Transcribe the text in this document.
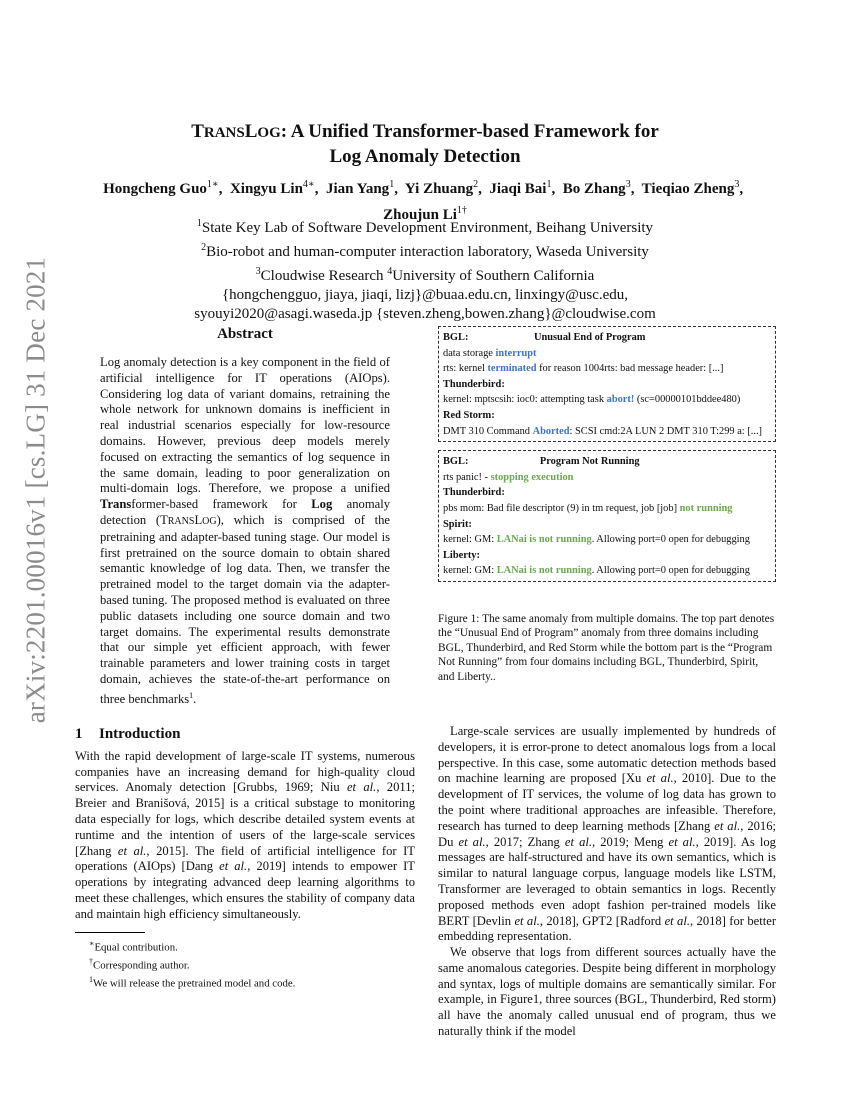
arXiv:2201.00016v1 [cs.LG] 31 Dec 2021
TRANSLOG: A Unified Transformer-based Framework for
Log Anomaly Detection
Hongcheng Guo$^{1∗}$,  Xingyu Lin$^{4∗}$,  Jian Yang$^1$,  Yi Zhuang$^2$,  Jiaqi Bai$^1$,  Bo Zhang$^3$,  Tieqiao Zheng$^3$,  Zhoujun $Li^{1\dagger}$
$^1$State Key Lab of Software Development Environment, Beihang University
$^2$Bio-robot and human-computer interaction laboratory, Waseda University
$^3$Cloudwise Research $^4$University of Southern California
{hongchengguo, jiaya, jiaqi, lizj}@buaa.edu.cn, linxingy@usc.edu,
syouyi2020@asagi.waseda.jp {steven.zheng,bowen.zhang}@cloudwise.com
Abstract

Log anomaly detection is a key component in the field of artificial intelligence for IT operations (AIOps). Considering log data of variant domains, retraining the whole network for unknown domains is inefficient in real industrial scenarios especially for low-resource domains. However, previous deep models merely focused on extracting the semantics of log sequence in the same domain, leading to poor generalization on multi-domain logs. Therefore, we propose a unified Transformer-based framework for Log anomaly detection (TRANSLOG), which is comprised of the pretraining and adapter-based tuning stage. Our model is first pretrained on the source domain to obtain shared semantic knowledge of log data. Then, we transfer the pretrained model to the target domain via the adapter-based tuning. The proposed method is evaluated on three public datasets including one source domain and two target domains. The experimental results demonstrate that our simple yet efficient approach, with fewer trainable parameters and lower training costs in target domain, achieves the state-of-the-art performance on three benchmarks$^1$.

1 Introduction

With the rapid development of large-scale IT systems, numerous companies have an increasing demand for high-quality cloud services. Anomaly detection [Grubbs, 1969; Niu et al., 2011; Breier and Branišová, 2015] is a critical substage to monitoring data especially for logs, which describe detailed system events at runtime and the intention of users of the large-scale services [Zhang et al., 2015]. The field of artificial intelligence for IT operations (AIOps) [Dang et al., 2019] intends to empower IT operations by integrating advanced deep learning algorithms to meet these challenges, which ensures the stability of company data and maintain high efficiency simultaneously.

∗Equal contribution.
†Corresponding author.
$^1$We will release the pretrained model and code.
BGL:	Unusual End of Program
data storage interrupt
rts: kernel terminated for reason 1004rts: bad message header: [...]
Thunderbird:
kernel: mptscsih: ioc0: attempting task abort! (sc=00000101bddee480)
Red Storm:
DMT 310 Command Aborted: SCSI cmd:2A LUN 2 DMT 310 T:299 a: [...]
BGL:	Program Not Running
rts panic! - stopping execution
Thunderbird:
pbs mom: Bad file descriptor (9) in tm request, job [job] not running
Spirit:
kernel: GM: LANai is not running. Allowing port=0 open for debugging
Liberty:
kernel: GM: LANai is not running. Allowing port=0 open for debugging
Figure 1: The same anomaly from multiple domains. The top part denotes the “Unusual End of Program” anomaly from three domains including BGL, Thunderbird, and Red Storm while the bottom part is the “Program Not Running” from four domains including BGL, Thunderbird, Spirit, and Liberty..

Large-scale services are usually implemented by hundreds of developers, it is error-prone to detect anomalous logs from a local perspective. In this case, some automatic detection methods based on machine learning are proposed [Xu et al., 2010]. Due to the development of IT services, the volume of log data has grown to the point where traditional approaches are infeasible. Therefore, research has turned to deep learning methods [Zhang et al., 2016; Du et al., 2017; Zhang et al., 2019; Meng et al., 2019]. As log messages are half-structured and have its own semantics, which is similar to natural language corpus, language models like LSTM, Transformer are leveraged to obtain semantics in logs. Recently proposed methods even adopt fashion per-trained models like BERT [Devlin et al., 2018], GPT2 [Radford et al., 2018] for better embedding representation.

We observe that logs from different sources actually have the same anomalous categories. Despite being different in morphology and syntax, logs of multiple domains are semantically similar. For example, in Figure1, three sources (BGL, Thunderbird, Red storm) all have the anomaly called unusual end of program, thus we naturally think if the model
